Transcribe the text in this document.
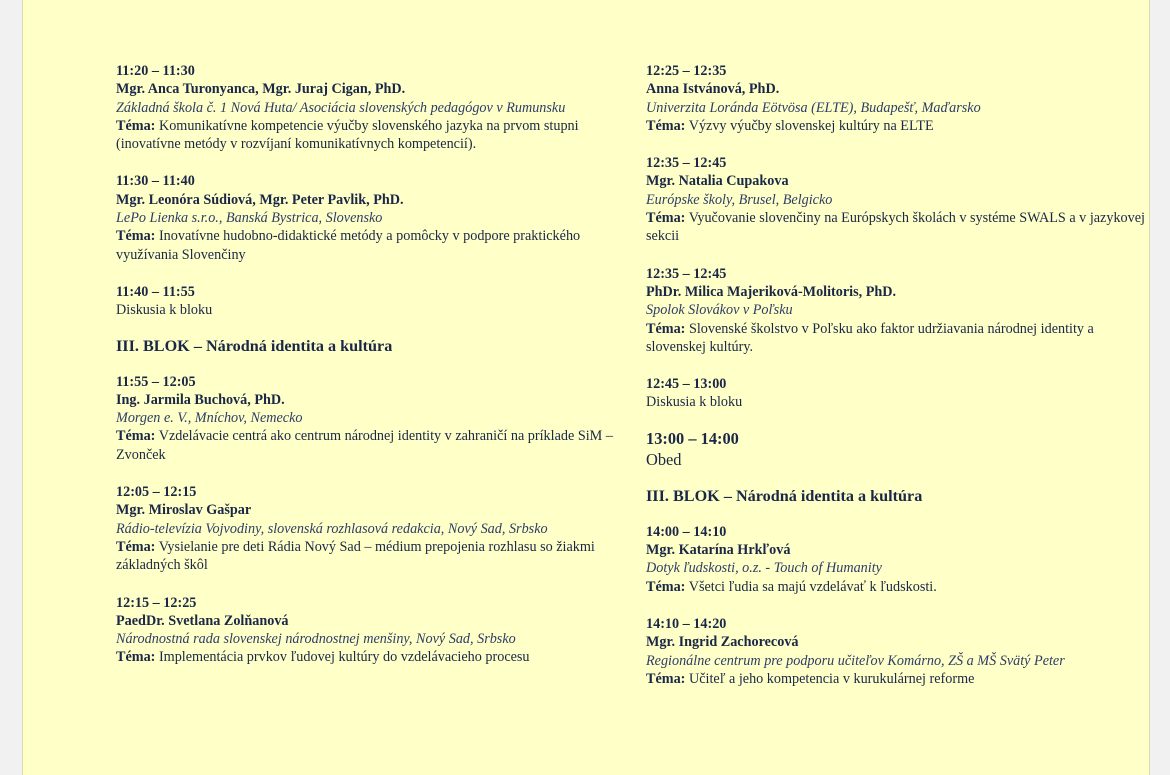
11:20 – 11:30
Mgr. Anca Turonyanca, Mgr. Juraj Cigan, PhD.
Základná škola č. 1 Nová Huta/ Asociácia slovenských pedagógov v Rumunsku
Téma: Komunikatívne kompetencie výučby slovenského jazyka na prvom stupni (inovatívne metódy v rozvíjaní komunikatívnych kompetencií).
11:30 – 11:40
Mgr. Leonóra Súdiová, Mgr. Peter Pavlik, PhD.
LePo Lienka s.r.o., Banská Bystrica, Slovensko
Téma: Inovatívne hudobno-didaktické metódy a pomôcky v podpore praktického využívania Slovenčiny
11:40 – 11:55
Diskusia k bloku
III. BLOK – Národná identita a kultúra
11:55 – 12:05
Ing. Jarmila Buchová, PhD.
Morgen e. V., Mníchov, Nemecko
Téma: Vzdelávacie centrá ako centrum národnej identity v zahraničí na príklade SiM – Zvonček
12:05 – 12:15
Mgr. Miroslav Gašpar
Rádio-televízia Vojvodiny, slovenská rozhlasová redakcia, Nový Sad, Srbsko
Téma: Vysielanie pre deti Rádia Nový Sad – médium prepojenia rozhlasu so žiakmi základných škôl
12:15 – 12:25
PaedDr. Svetlana Zolňanová
Národnostná rada slovenskej národnostnej menšiny, Nový Sad, Srbsko
Téma: Implementácia prvkov ľudovej kultúry do vzdelávacieho procesu
12:25 – 12:35
Anna Istvánová, PhD.
Univerzita Loránda Eötvösa (ELTE), Budapešť, Maďarsko
Téma: Výzvy výučby slovenskej kultúry na ELTE
12:35 – 12:45
Mgr. Natalia Cupakova
Európske školy, Brusel, Belgicko
Téma: Vyučovanie slovenčiny na Európskych školách v systéme SWALS a v jazykovej sekcii
12:35 – 12:45
PhDr. Milica Majeriková-Molitoris, PhD.
Spolok Slovákov v Poľsku
Téma: Slovenské školstvo v Poľsku ako faktor udržiavania národnej identity a slovenskej kultúry.
12:45 – 13:00
Diskusia k bloku
13:00 – 14:00
Obed
III. BLOK – Národná identita a kultúra
14:00 – 14:10
Mgr. Katarína Hrkľová
Dotyk ľudskosti, o.z. - Touch of Humanity
Téma: Všetci ľudia sa majú vzdelávať k ľudskosti.
14:10 – 14:20
Mgr. Ingrid Zachorecová
Regionálne centrum pre podporu učiteľov Komárno, ZŠ a MŠ Svätý Peter
Téma: Učiteľ a jeho kompetencia v kurukulárnej reforme
